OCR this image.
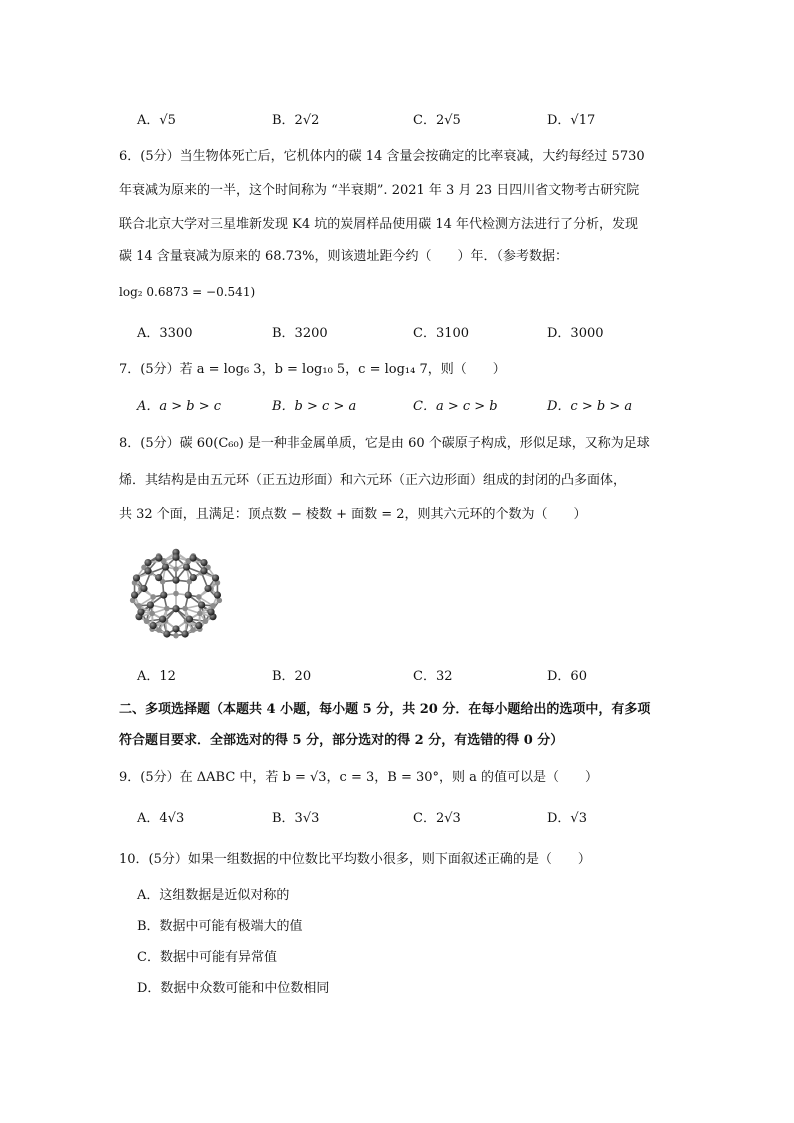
A．√5	B．2√2	C．2√5	D．√17
6．(5分）当生物体死亡后，它机体内的碳 14 含量会按确定的比率衰减，大约每经过 5730
年衰减为原来的一半，这个时间称为 “半衰期”. 2021 年 3 月 23 日四川省文物考古研究院
联合北京大学对三星堆新发现 K4 坑的炭屑样品使用碳 14 年代检测方法进行了分析，发现
碳 14 含量衰减为原来的 68.73%，则该遗址距今约（　　）年．（参考数据：
log₂ 0.6873 = −0.541)
A．3300	B．3200	C．3100	D．3000
7．(5分）若 a = log₆ 3，b = log₁₀ 5，c = log₁₄ 7，则（　　）
A．a > b > c	B．b > c > a	C．a > c > b	D．c > b > a
8．(5分）碳 60(C₆₀) 是一种非金属单质，它是由 60 个碳原子构成，形似足球，又称为足球
烯．其结构是由五元环（正五边形面）和六元环（正六边形面）组成的封闭的凸多面体，
共 32 个面，且满足：顶点数 − 棱数 + 面数 = 2，则其六元环的个数为（　　）
A．12	B．20	C．32	D．60
二、多项选择题（本题共 4 小题，每小题 5 分，共 20 分．在每小题给出的选项中，有多项
符合题目要求．全部选对的得 5 分，部分选对的得 2 分，有选错的得 0 分）
9．(5分）在 ΔABC 中，若 b = √3，c = 3，B = 30°，则 a 的值可以是（　　）
A．4√3	B．3√3	C．2√3	D．√3
10．(5分）如果一组数据的中位数比平均数小很多，则下面叙述正确的是（　　）
A．这组数据是近似对称的
B．数据中可能有极端大的值
C．数据中可能有异常值
D．数据中众数可能和中位数相同
